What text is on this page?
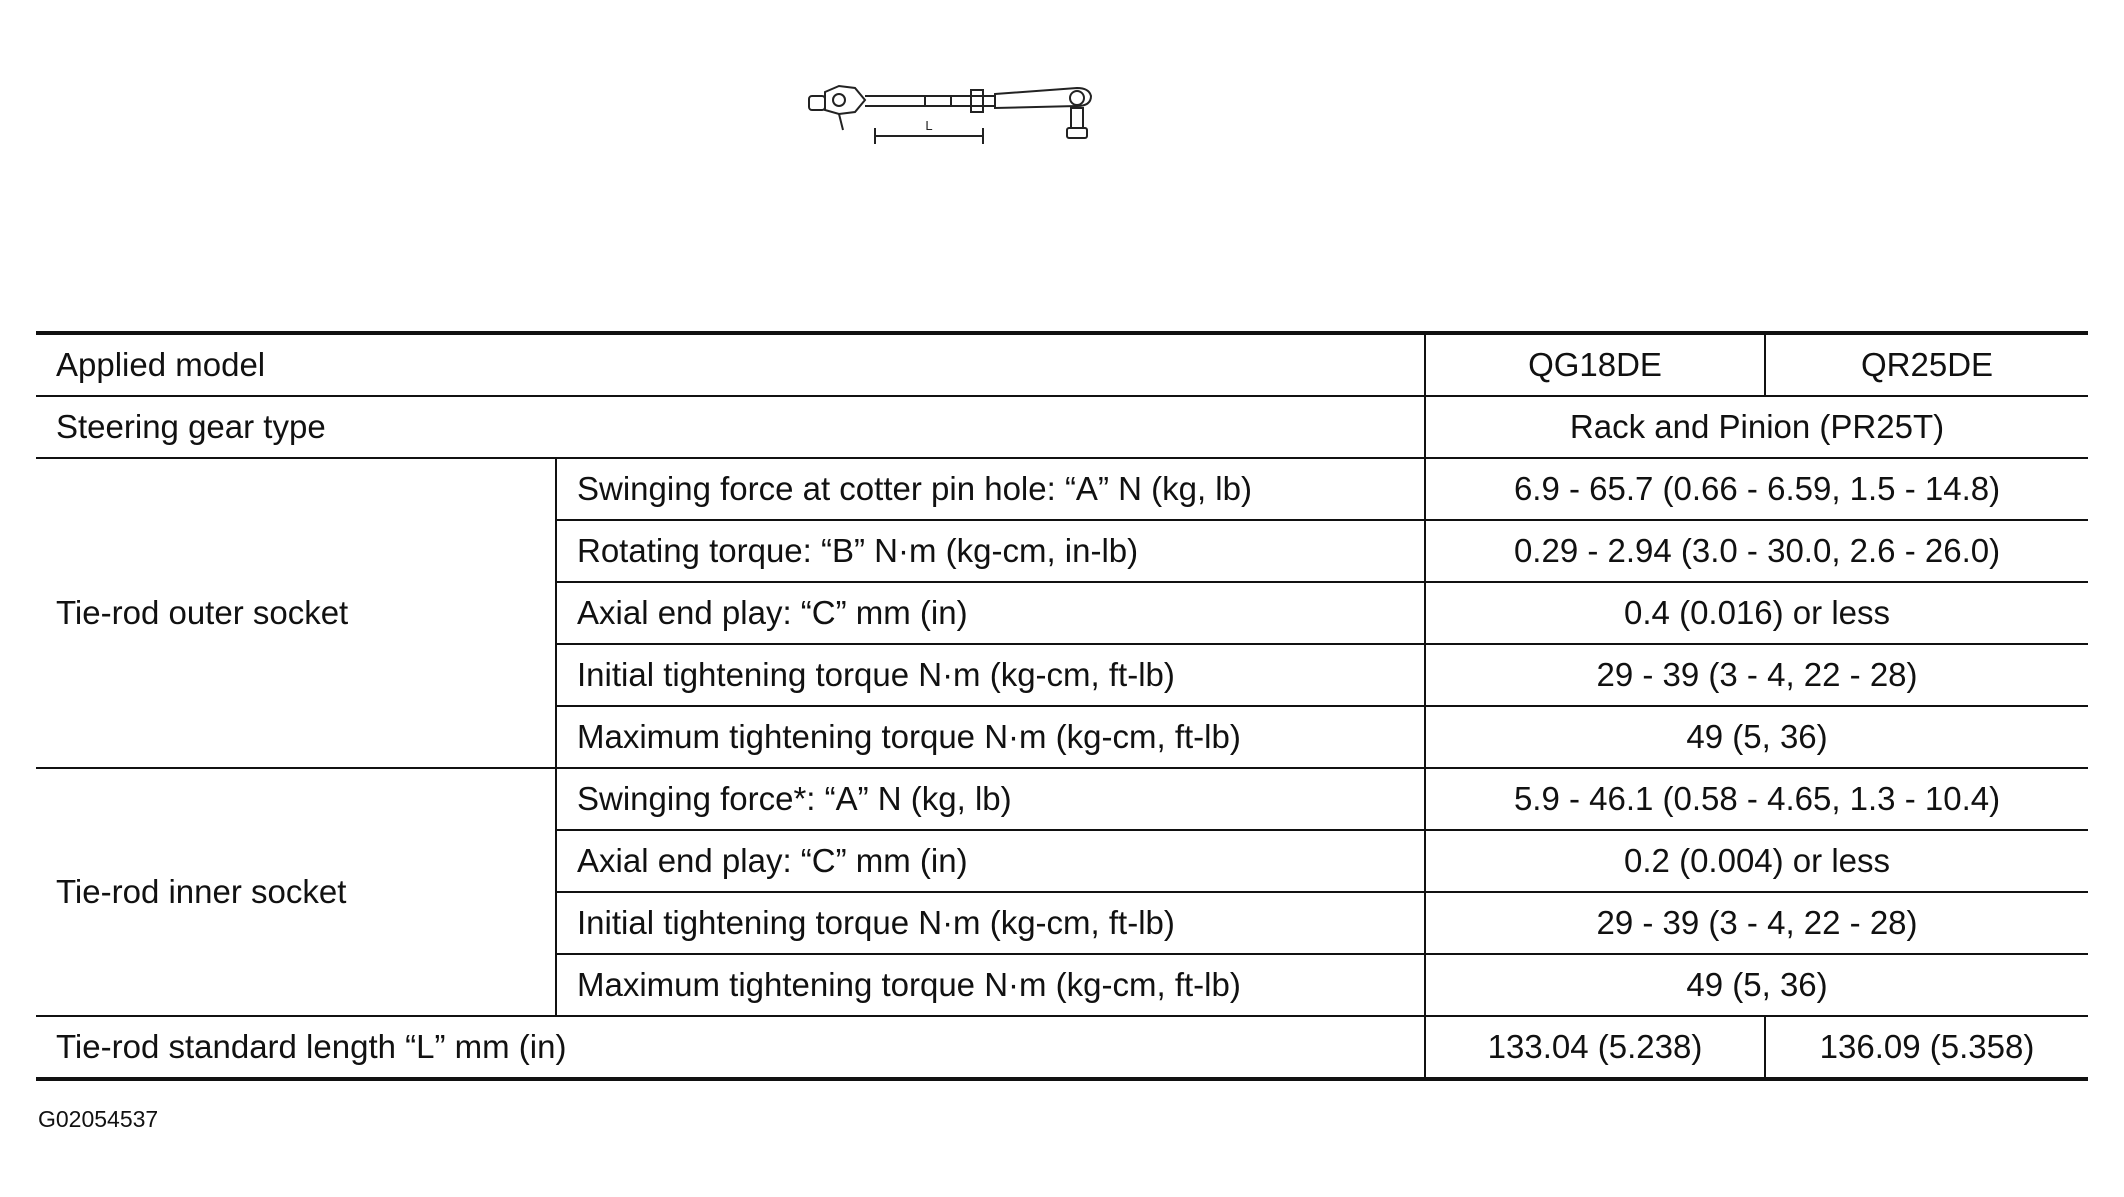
L
Applied model		QG18DE	QR25DE
Steering gear type		Rack and Pinion (PR25T)	
Tie-rod outer socket	Swinging force at cotter pin hole: “A” N (kg, lb)	6.9 - 65.7 (0.66 - 6.59, 1.5 - 14.8)	
	Rotating torque: “B” N·m (kg-cm, in-lb)	0.29 - 2.94 (3.0 - 30.0, 2.6 - 26.0)	
	Axial end play: “C” mm (in)	0.4 (0.016) or less	
	Initial tightening torque N·m (kg-cm, ft-lb)	29 - 39 (3 - 4, 22 - 28)	
	Maximum tightening torque N·m (kg-cm, ft-lb)	49 (5, 36)	
Tie-rod inner socket	Swinging force*: “A” N (kg, lb)	5.9 - 46.1 (0.58 - 4.65, 1.3 - 10.4)	
	Axial end play: “C” mm (in)	0.2 (0.004) or less	
	Initial tightening torque N·m (kg-cm, ft-lb)	29 - 39 (3 - 4, 22 - 28)	
	Maximum tightening torque N·m (kg-cm, ft-lb)	49 (5, 36)	
Tie-rod standard length “L” mm (in)		133.04 (5.238)	136.09 (5.358)
G02054537
